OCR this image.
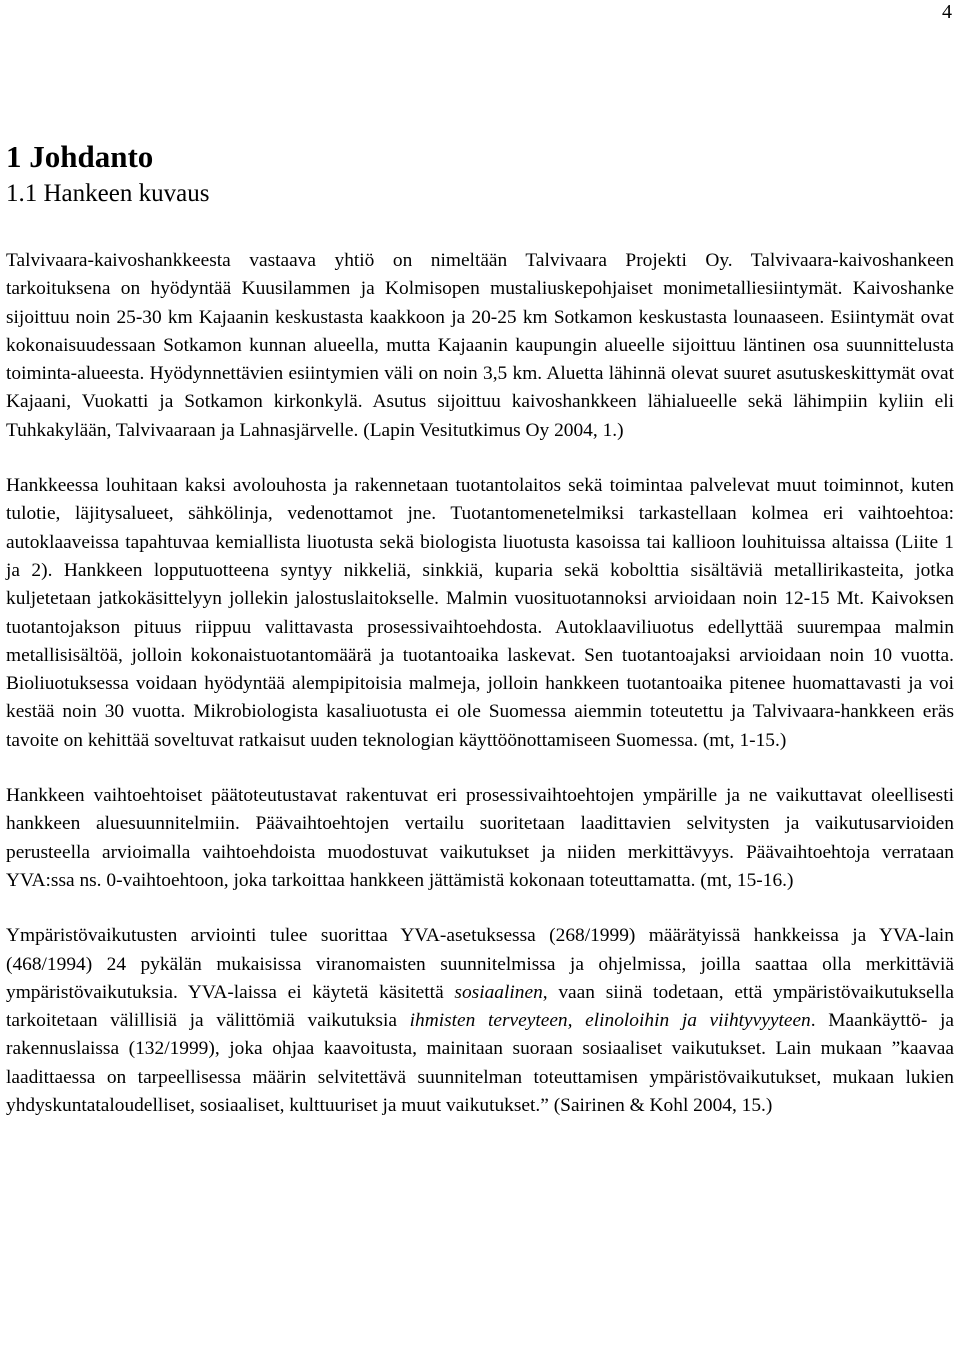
4
1 Johdanto
1.1 Hankeen kuvaus

Talvivaara-kaivoshankkeesta vastaava yhtiö on nimeltään Talvivaara Projekti Oy. Talvivaara-kaivoshankeen tarkoituksena on hyödyntää Kuusilammen ja Kolmisopen mustaliuskepohjaiset monimetalliesiintymät. Kaivoshanke sijoittuu noin 25-30 km Kajaanin keskustasta kaakkoon ja 20-25 km Sotkamon keskustasta lounaaseen. Esiintymät ovat kokonaisuudessaan Sotkamon kunnan alueella, mutta Kajaanin kaupungin alueelle sijoittuu läntinen osa suunnittelusta toiminta-alueesta. Hyödynnettävien esiintymien väli on noin 3,5 km. Aluetta lähinnä olevat suuret asutuskeskittymät ovat Kajaani, Vuokatti ja Sotkamon kirkonkylä. Asutus sijoittuu kaivoshankkeen lähialueelle sekä lähimpiin kyliin eli Tuhkakylään, Talvivaaraan ja Lahnasjärvelle. (Lapin Vesitutkimus Oy 2004, 1.)

Hankkeessa louhitaan kaksi avolouhosta ja rakennetaan tuotantolaitos sekä toimintaa palvelevat muut toiminnot, kuten tulotie, läjitysalueet, sähkölinja, vedenottamot jne. Tuotantomenetelmiksi tarkastellaan kolmea eri vaihtoehtoa: autoklaaveissa tapahtuvaa kemiallista liuotusta sekä biologista liuotusta kasoissa tai kallioon louhituissa altaissa (Liite 1 ja 2). Hankkeen lopputuotteena syntyy nikkeliä, sinkkiä, kuparia sekä kobolttia sisältäviä metallirikasteita, jotka kuljetetaan jatkokäsittelyyn jollekin jalostuslaitokselle. Malmin vuosituotannoksi arvioidaan noin 12-15 Mt. Kaivoksen tuotantojakson pituus riippuu valittavasta prosessivaihtoehdosta. Autoklaaviliuotus edellyttää suurempaa malmin metallisisältöä, jolloin kokonaistuotantomäärä ja tuotantoaika laskevat. Sen tuotantoajaksi arvioidaan noin 10 vuotta. Bioliuotuksessa voidaan hyödyntää alempipitoisia malmeja, jolloin hankkeen tuotantoaika pitenee huomattavasti ja voi kestää noin 30 vuotta. Mikrobiologista kasaliuotusta ei ole Suomessa aiemmin toteutettu ja Talvivaara-hankkeen eräs tavoite on kehittää soveltuvat ratkaisut uuden teknologian käyttöönottamiseen Suomessa. (mt, 1-15.)

Hankkeen vaihtoehtoiset päätoteutustavat rakentuvat eri prosessivaihtoehtojen ympärille ja ne vaikuttavat oleellisesti hankkeen aluesuunnitelmiin. Päävaihtoehtojen vertailu suoritetaan laadittavien selvitysten ja vaikutusarvioiden perusteella arvioimalla vaihtoehdoista muodostuvat vaikutukset ja niiden merkittävyys. Päävaihtoehtoja verrataan YVA:ssa ns. 0-vaihtoehtoon, joka tarkoittaa hankkeen jättämistä kokonaan toteuttamatta. (mt, 15-16.)

Ympäristövaikutusten arviointi tulee suorittaa YVA-asetuksessa (268/1999) määrätyissä hankkeissa ja YVA-lain (468/1994) 24 pykälän mukaisissa viranomaisten suunnitelmissa ja ohjelmissa, joilla saattaa olla merkittäviä ympäristövaikutuksia. YVA-laissa ei käytetä käsitettä sosiaalinen, vaan siinä todetaan, että ympäristövaikutuksella tarkoitetaan välillisiä ja välittömiä vaikutuksia ihmisten terveyteen, elinoloihin ja viihtyvyyteen. Maankäyttö- ja rakennuslaissa (132/1999), joka ohjaa kaavoitusta, mainitaan suoraan sosiaaliset vaikutukset. Lain mukaan ”kaavaa laadittaessa on tarpeellisessa määrin selvitettävä suunnitelman toteuttamisen ympäristövaikutukset, mukaan lukien yhdyskuntataloudelliset, sosiaaliset, kulttuuriset ja muut vaikutukset.” (Sairinen & Kohl 2004, 15.)
